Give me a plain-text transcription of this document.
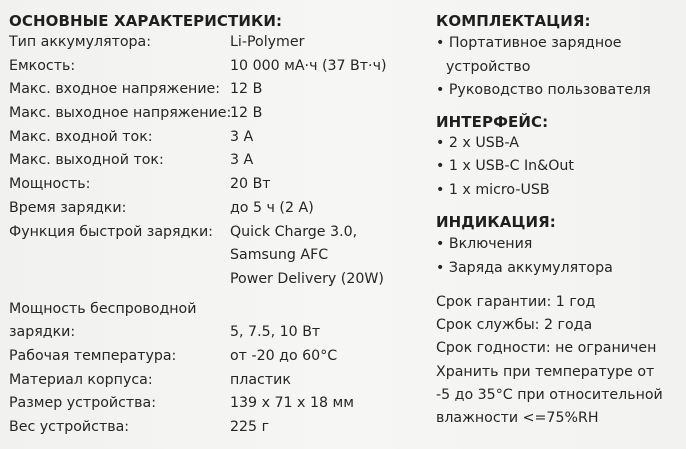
ОСНОВНЫЕ ХАРАКТЕРИСТИКИ:
Тип аккумулятора:	Li-Polymer
Емкость:	10 000 мА·ч (37 Вт·ч)
Макс. входное напряжение: 12 В
Макс. выходное напряжение:
12 В
Макс. входной ток:	3 А
Макс. выходной ток:	3 А
Мощность:	20 Вт
Время зарядки:	до 5 ч (2 А)
Функция быстрой зарядки: Quick Charge 3.0,
Samsung AFC
Power Delivery (20W)
Мощность беспроводной
зарядки:	5, 7.5, 10 Вт
Рабочая температура:	от -20 до 60°С
Материал корпуса:	пластик
Размер устройства:	139 x 71 x 18 мм
Вес устройства:	225 г
КОМПЛЕКТАЦИЯ:
• Портативное зарядное
устройство
• Руководство пользователя
ИНТЕРФЕЙС:
• 2 x USB-A
• 1 x USB-C In&Out
• 1 x micro-USB
ИНДИКАЦИЯ:
• Включения
• Заряда аккумулятора
Срок гарантии: 1 год
Срок службы: 2 года
Срок годности: не ограничен
Хранить при температуре от
-5 до 35°С при относительной
влажности <=75%RH
